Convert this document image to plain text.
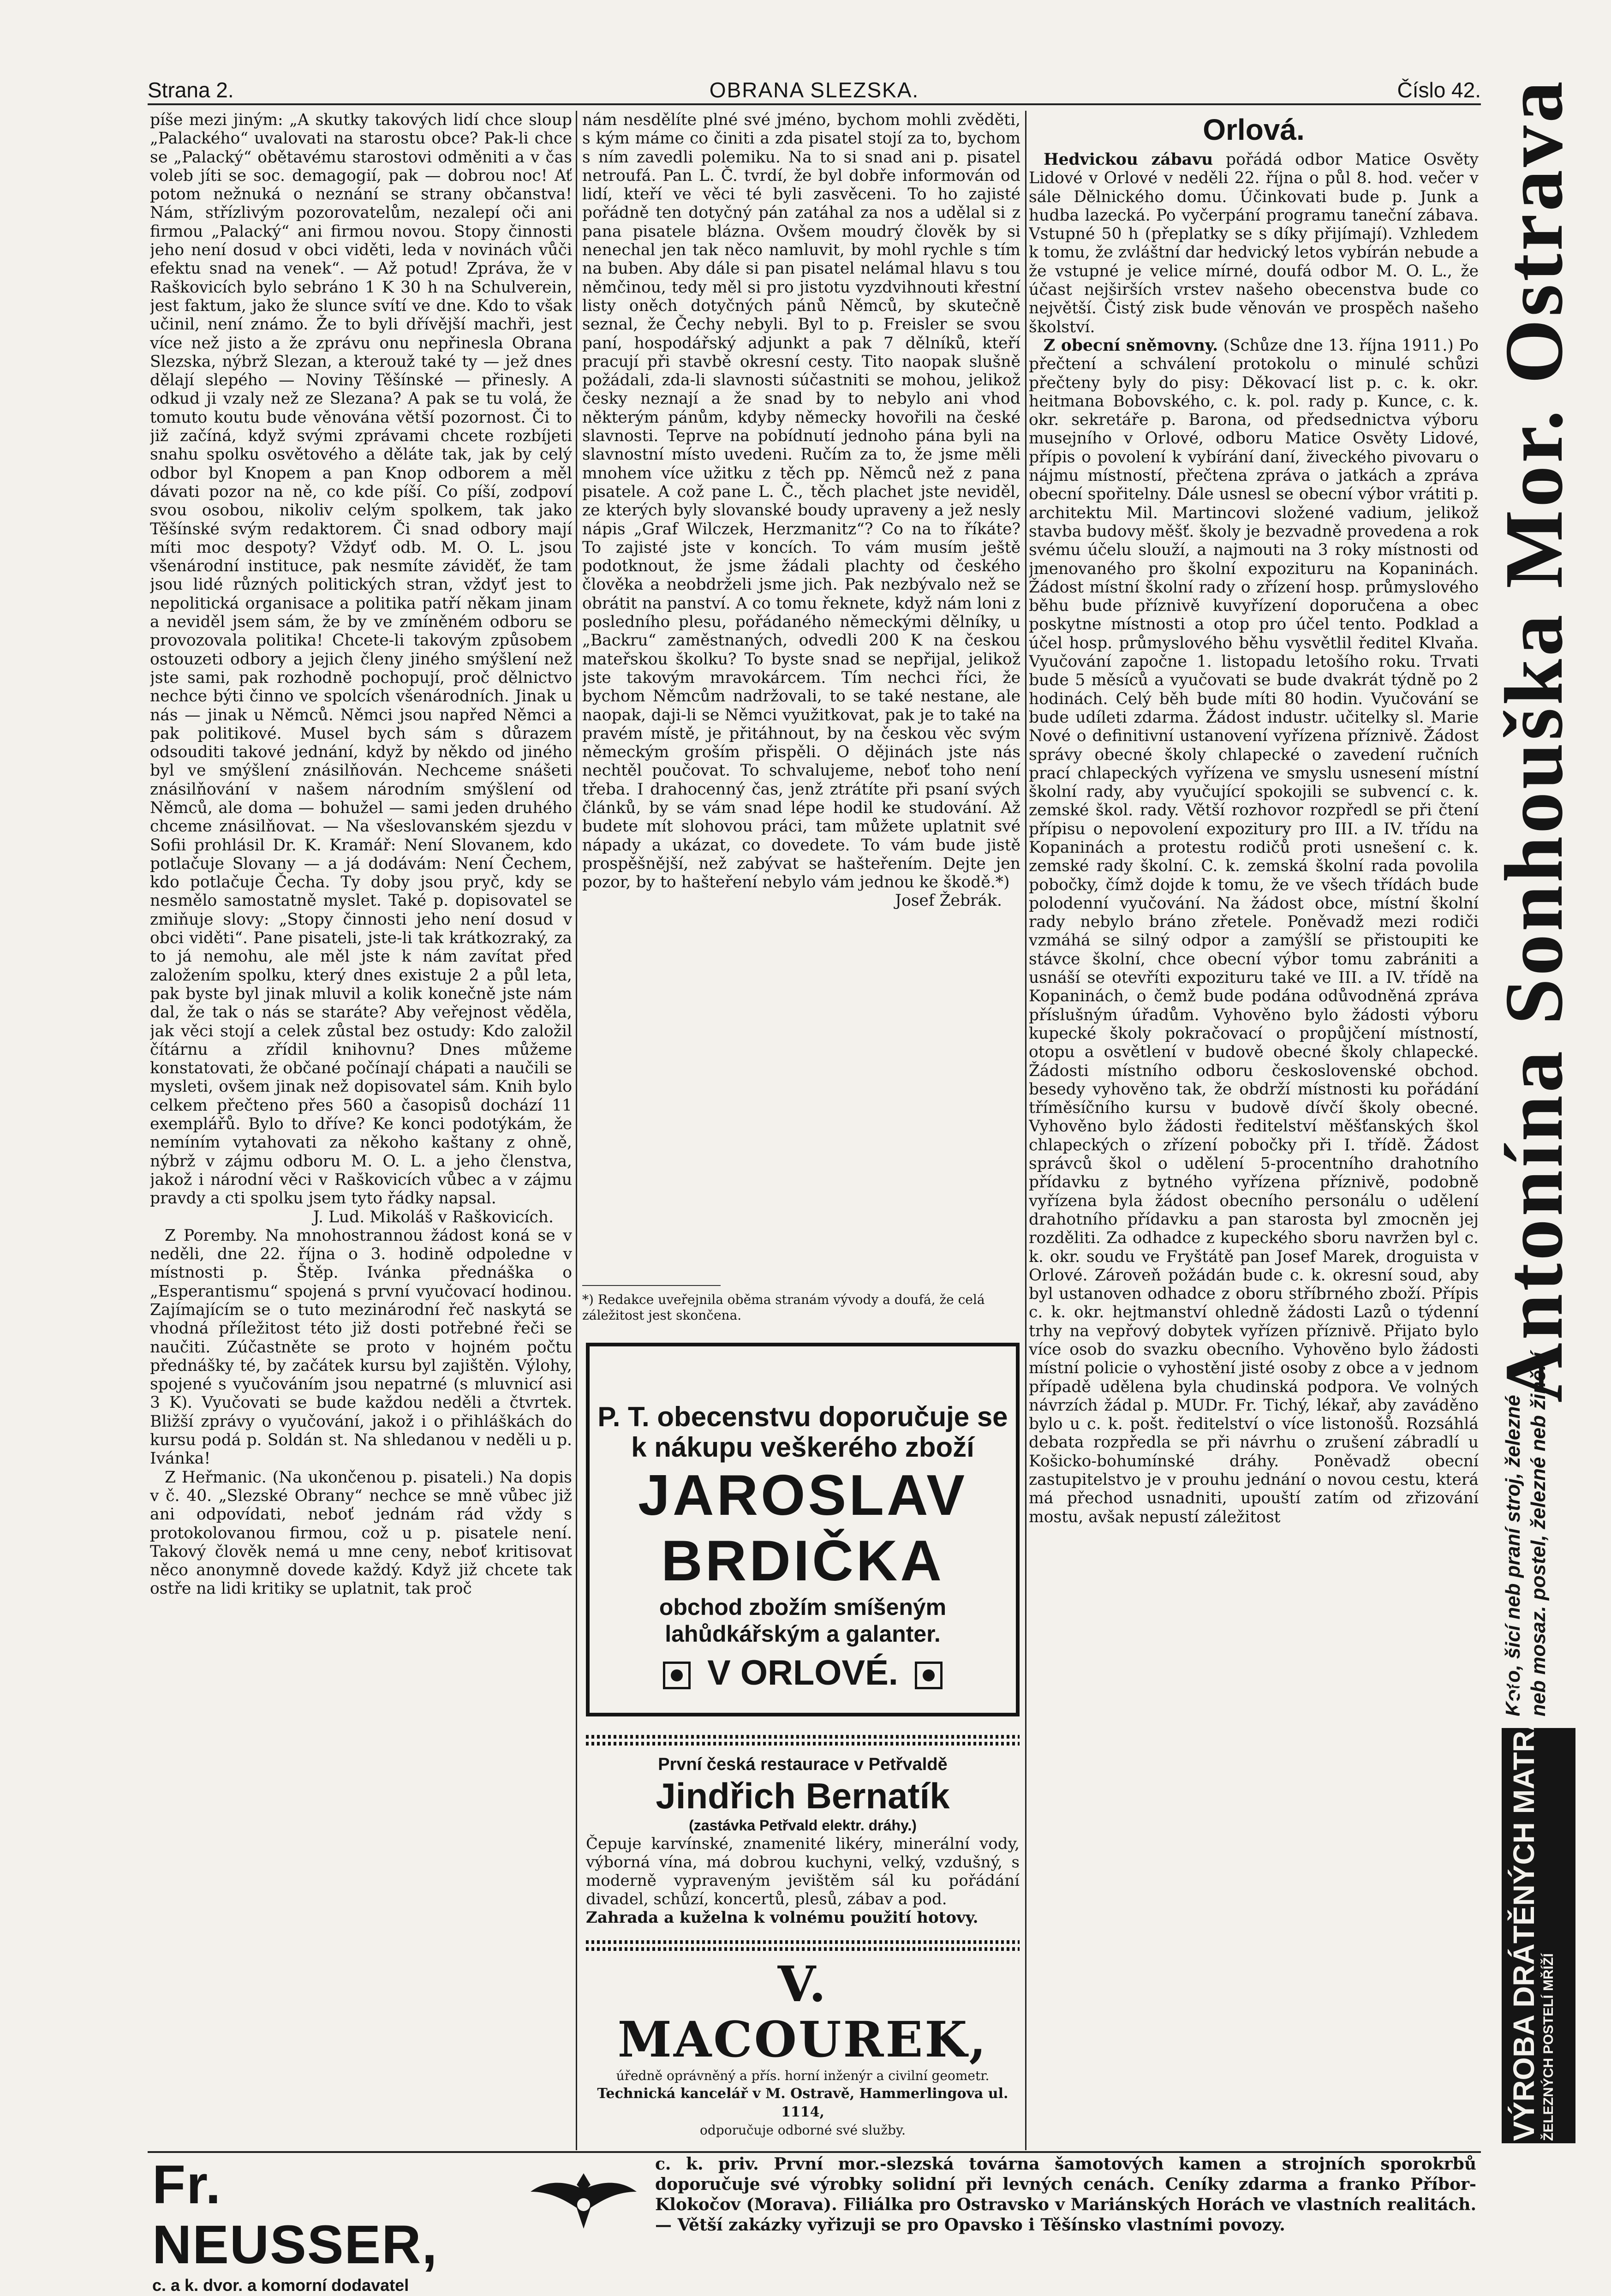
Strana 2.	OBRANA SLEZSKA.	Číslo 42.

píše mezi jiným: „A skutky takových lidí chce sloup „Palackého“ uvalovati na starostu obce? Pak-li chce se „Palacký“ obětavému starostovi odměniti a v čas voleb jíti se soc. demagogií, pak — dobrou noc! Ať potom nežnuká o neznání se strany občanstva! Nám, střízlivým pozorovatelům, nezalepí oči ani firmou „Palacký“ ani firmou novou. Stopy činnosti jeho není dosud v obci viděti, leda v novinách vůči efektu snad na venek“. — Až potud! Zpráva, že v Raškovicích bylo sebráno 1 K 30 h na Schulverein, jest faktum, jako že slunce svítí ve dne. Kdo to však učinil, není známo. Že to byli dřívější machři, jest více než jisto a že zprávu onu nepřinesla Obrana Slezska, nýbrž Slezan, a kterouž také ty — jež dnes dělají slepého — Noviny Těšínské — přinesly. A odkud ji vzaly než ze Slezana? A pak se tu volá, že tomuto koutu bude věnována větší pozornost. Či to již začíná, když svými zprávami chcete rozbíjeti snahu spolku osvětového a děláte tak, jak by celý odbor byl Knopem a pan Knop odborem a měl dávati pozor na ně, co kde píší. Co píší, zodpoví svou osobou, nikoliv celým spolkem, tak jako Těšínské svým redaktorem. Či snad odbory mají míti moc despoty? Vždyť odb. M. O. L. jsou všenárodní instituce, pak nesmíte záviděť, že tam jsou lidé různých politických stran, vždyť jest to nepolitická organisace a politika patří někam jinam a neviděl jsem sám, že by ve zmíněném odboru se provozovala politika! Chcete-li takovým způsobem ostouzeti odbory a jejich členy jiného smýšlení než jste sami, pak rozhodně pochopují, proč dělnictvo nechce býti činno ve spolcích všenárodních. Jinak u nás — jinak u Němců. Němci jsou napřed Němci a pak politikové. Musel bych sám s důrazem odsouditi takové jednání, když by někdo od jiného byl ve smýšlení znásilňován. Nechceme snášeti znásilňování v našem národním smýšlení od Němců, ale doma — bohužel — sami jeden druhého chceme znásilňovat. — Na všeslovanském sjezdu v Sofii prohlásil Dr. K. Kramář: Není Slovanem, kdo potlačuje Slovany — a já dodávám: Není Čechem, kdo potlačuje Čecha. Ty doby jsou pryč, kdy se nesmělo samostatně myslet. Také p. dopisovatel se zmiňuje slovy: „Stopy činnosti jeho není dosud v obci viděti“. Pane pisateli, jste-li tak krátkozraký, za to já nemohu, ale měl jste k nám zavítat před založením spolku, který dnes existuje 2 a půl leta, pak byste byl jinak mluvil a kolik konečně jste nám dal, že tak o nás se staráte? Aby veřejnost věděla, jak věci stojí a celek zůstal bez ostudy: Kdo založil čítárnu a zřídil knihovnu? Dnes můžeme konstatovati, že občané počínají chápati a naučili se mysleti, ovšem jinak než dopisovatel sám. Knih bylo celkem přečteno přes 560 a časopisů dochází 11 exemplářů. Bylo to dříve? Ke konci podotýkám, že nemíním vytahovati za někoho kaštany z ohně, nýbrž v zájmu odboru M. O. L. a jeho členstva, jakož i národní věci v Raškovicích vůbec a v zájmu pravdy a cti spolku jsem tyto řádky napsal.

J. Lud. Mikoláš v Raškovicích.

Z Poremby. Na mnohostrannou žádost koná se v neděli, dne 22. října o 3. hodině odpoledne v místnosti p. Štěp. Ivánka přednáška o „Esperantismu“ spojená s první vyučovací hodinou. Zajímajícím se o tuto mezinárodní řeč naskytá se vhodná příležitost této již dosti potřebné řeči se naučiti. Zúčastněte se proto v hojném počtu přednášky té, by začátek kursu byl zajištěn. Výlohy, spojené s vyučováním jsou nepatrné (s mluvnicí asi 3 K). Vyučovati se bude každou neděli a čtvrtek. Bližší zprávy o vyučování, jakož i o přihláškách do kursu podá p. Soldán st. Na shledanou v neděli u p. Ivánka!

Z Heřmanic. (Na ukončenou p. pisateli.) Na dopis v č. 40. „Slezské Obrany“ nechce se mně vůbec již ani odpovídati, neboť jednám rád vždy s protokolovanou firmou, což u p. pisatele není. Takový člověk nemá u mne ceny, neboť kritisovat něco anonymně dovede každý. Když již chcete tak ostře na lidi kritiky se uplatnit, tak proč

nám nesdělíte plné své jméno, bychom mohli zvěděti, s kým máme co činiti a zda pisatel stojí za to, bychom s ním zavedli polemiku. Na to si snad ani p. pisatel netroufá. Pan L. Č. tvrdí, že byl dobře informován od lidí, kteří ve věci té byli zasvěceni. To ho zajisté pořádně ten dotyčný pán zatáhal za nos a udělal si z pana pisatele blázna. Ovšem moudrý člověk by si nenechal jen tak něco namluvit, by mohl rychle s tím na buben. Aby dále si pan pisatel nelámal hlavu s tou němčinou, tedy měl si pro jistotu vyzdvihnouti křestní listy oněch dotyčných pánů Němců, by skutečně seznal, že Čechy nebyli. Byl to p. Freisler se svou paní, hospodářský adjunkt a pak 7 dělníků, kteří pracují při stavbě okresní cesty. Tito naopak slušně požádali, zda-li slavnosti súčastniti se mohou, jelikož česky neznají a že snad by to nebylo ani vhod některým pánům, kdyby německy hovořili na české slavnosti. Teprve na pobídnutí jednoho pána byli na slavnostní místo uvedeni. Ručím za to, že jsme měli mnohem více užitku z těch pp. Němců než z pana pisatele. A což pane L. Č., těch plachet jste neviděl, ze kterých byly slovanské boudy upraveny a jež nesly nápis „Graf Wilczek, Herzmanitz“? Co na to říkáte? To zajisté jste v koncích. To vám musím ještě podotknout, že jsme žádali plachty od českého člověka a neobdrželi jsme jich. Pak nezbývalo než se obrátit na panství. A co tomu řeknete, když nám loni z posledního plesu, pořádaného německými dělníky, u „Backru“ zaměstnaných, odvedli 200 K na českou mateřskou školku? To byste snad se nepřijal, jelikož jste takovým mravokárcem. Tím nechci říci, že bychom Němcům nadržovali, to se také nestane, ale naopak, daji-li se Němci využitkovat, pak je to také na pravém místě, je přitáhnout, by na českou věc svým německým groším přispěli. O dějinách jste nás nechtěl poučovat. To schvalujeme, neboť toho není třeba. I drahocenný čas, jenž ztrátíte při psaní svých článků, by se vám snad lépe hodil ke studování. Až budete mít slohovou práci, tam můžete uplatnit své nápady a ukázat, co dovedete. To vám bude jistě prospěšnější, než zabývat se hašteřením. Dejte jen pozor, by to hašteření nebylo vám jednou ke škodě.*)

Josef Žebrák.

*) Redakce uveřejnila oběma stranám vývody a doufá, že celá záležitost jest skončena.
P. T. obecenstvu doporučuje se k nákupu veškerého zboží
JAROSLAV
BRDIČKA
obchod zbožím smíšeným lahůdkářským a galanter.
V ORLOVÉ.
První česká restaurace v Petřvaldě
Jindřich Bernatík
(zastávka Petřvald elektr. dráhy.)
Čepuje karvínské, znamenité likéry, minerální vody, výborná vína, má dobrou kuchyni, velký, vzdušný, s moderně vypraveným jevištěm sál ku pořádání divadel, schůzí, koncertů, plesů, zábav a pod.
Zahrada a kuželna k volnému použití hotovy.
V. MACOUREK,
úředně oprávněný a přís. horní inženýr a civilní geometr.
Technická kancelář v M. Ostravě, Hammerlingova ul. 1114,
odporučuje odborné své služby.
Orlová.

Hedvickou zábavu pořádá odbor Matice Osvěty Lidové v Orlové v neděli 22. října o půl 8. hod. večer v sále Dělnického domu. Účinkovati bude p. Junk a hudba lazecká. Po vyčerpání programu taneční zábava. Vstupné 50 h (přeplatky se s díky přijímají). Vzhledem k tomu, že zvláštní dar hedvický letos vybírán nebude a že vstupné je velice mírné, doufá odbor M. O. L., že účast nejširších vrstev našeho obecenstva bude co největší. Čistý zisk bude věnován ve prospěch našeho školství.

Z obecní sněmovny. (Schůze dne 13. října 1911.) Po přečtení a schválení protokolu o minulé schůzi přečteny byly do pisy: Děkovací list p. c. k. okr. heitmana Bobovského, c. k. pol. rady p. Kunce, c. k. okr. sekretáře p. Barona, od předsednictva výboru musejního v Orlové, odboru Matice Osvěty Lidové, přípis o povolení k vybírání daní, živeckého pivovaru o nájmu místností, přečtena zpráva o jatkách a zpráva obecní spořitelny. Dále usnesl se obecní výbor vrátiti p. architektu Mil. Martincovi složené vadium, jelikož stavba budovy měšť. školy je bezvadně provedena a rok svému účelu slouží, a najmouti na 3 roky místnosti od jmenovaného pro školní expozituru na Kopaninách. Žádost místní školní rady o zřízení hosp. průmyslového běhu bude příznivě kuvyřízení doporučena a obec poskytne místnosti a otop pro účel tento. Podklad a účel hosp. průmyslového běhu vysvětlil ředitel Klvaňa. Vyučování započne 1. listopadu letošího roku. Trvati bude 5 měsíců a vyučovati se bude dvakrát týdně po 2 hodinách. Celý běh bude míti 80 hodin. Vyučování se bude udíleti zdarma. Žádost industr. učitelky sl. Marie Nové o definitivní ustanovení vyřízena příznivě. Žádost správy obecné školy chlapecké o zavedení ručních prací chlapeckých vyřízena ve smyslu usnesení místní školní rady, aby vyučující spokojili se subvencí c. k. zemské škol. rady. Větší rozhovor rozpředl se při čtení přípisu o nepovolení expozitury pro III. a IV. třídu na Kopaninách a protestu rodičů proti usnešení c. k. zemské rady školní. C. k. zemská školní rada povolila pobočky, čímž dojde k tomu, že ve všech třídách bude polodenní vyučování. Na žádost obce, místní školní rady nebylo bráno zřetele. Poněvadž mezi rodiči vzmáhá se silný odpor a zamýšlí se přistoupiti ke stávce školní, chce obecní výbor tomu zabrániti a usnáší se otevříti expozituru také ve III. a IV. třídě na Kopaninách, o čemž bude podána odůvodněná zpráva příslušným úřadům. Vyhověno bylo žádosti výboru kupecké školy pokračovací o propůjčení místností, otopu a osvětlení v budově obecné školy chlapecké. Žádosti místního odboru československé obchod. besedy vyhověno tak, že obdrží místnosti ku pořádání tříměsíčního kursu v budově dívčí školy obecné. Vyhověno bylo žádosti ředitelství měšťanských škol chlapeckých o zřízení pobočky při I. třídě. Žádost správců škol o udělení 5-procentního drahotního přídavku z bytného vyřízena příznivě, podobně vyřízena byla žádost obecního personálu o udělení drahotního přídavku a pan starosta byl zmocněn jej rozděliti. Za odhadce z kupeckého sboru navržen byl c. k. okr. soudu ve Fryštátě pan Josef Marek, droguista v Orlové. Zároveň požádán bude c. k. okresní soud, aby byl ustanoven odhadce z oboru stříbrného zboží. Přípis c. k. okr. hejtmanství ohledně žádosti Lazů o týdenní trhy na vepřový dobytek vyřízen příznivě. Přijato bylo více osob do svazku obecního. Vyhověno bylo žádosti místní policie o vyhostění jisté osoby z obce a v jednom případě udělena byla chudinská podpora. Ve volných návrzích žádal p. MUDr. Fr. Tichý, lékař, aby zaváděno bylo u c. k. pošt. ředitelství o více listonošů. Rozsáhlá debata rozpředla se při návrhu o zrušení zábradlí u Košicko-bohumínské dráhy. Poněvadž obecní zastupitelstvo je v prouhu jednání o novou cestu, která má přechod usnadniti, upouští zatím od zřizování mostu, avšak nepustí záležitost

Antonína Sonhouška Mor. Ostrava
Koto, šicí neb praní stroj, železné neb mosaz. postel, železné neb žinění
VÝROBA DRÁTĚNÝCH MATRACÍ ŽELEZNÝCH POSTELÍ MŘÍŽÍ
Fr. NEUSSER,
c. a k. dvor. a komorní dodavatel
c. k. priv. První mor.-slezská továrna šamotových kamen a strojních sporokrbů doporučuje své výrobky solidní při levných cenách. Ceníky zdarma a franko Příbor-Klokočov (Morava). Filiálka pro Ostravsko v Mariánských Horách ve vlastních realitách. — Větší zakázky vyřizuji se pro Opavsko i Těšínsko vlastními povozy.
